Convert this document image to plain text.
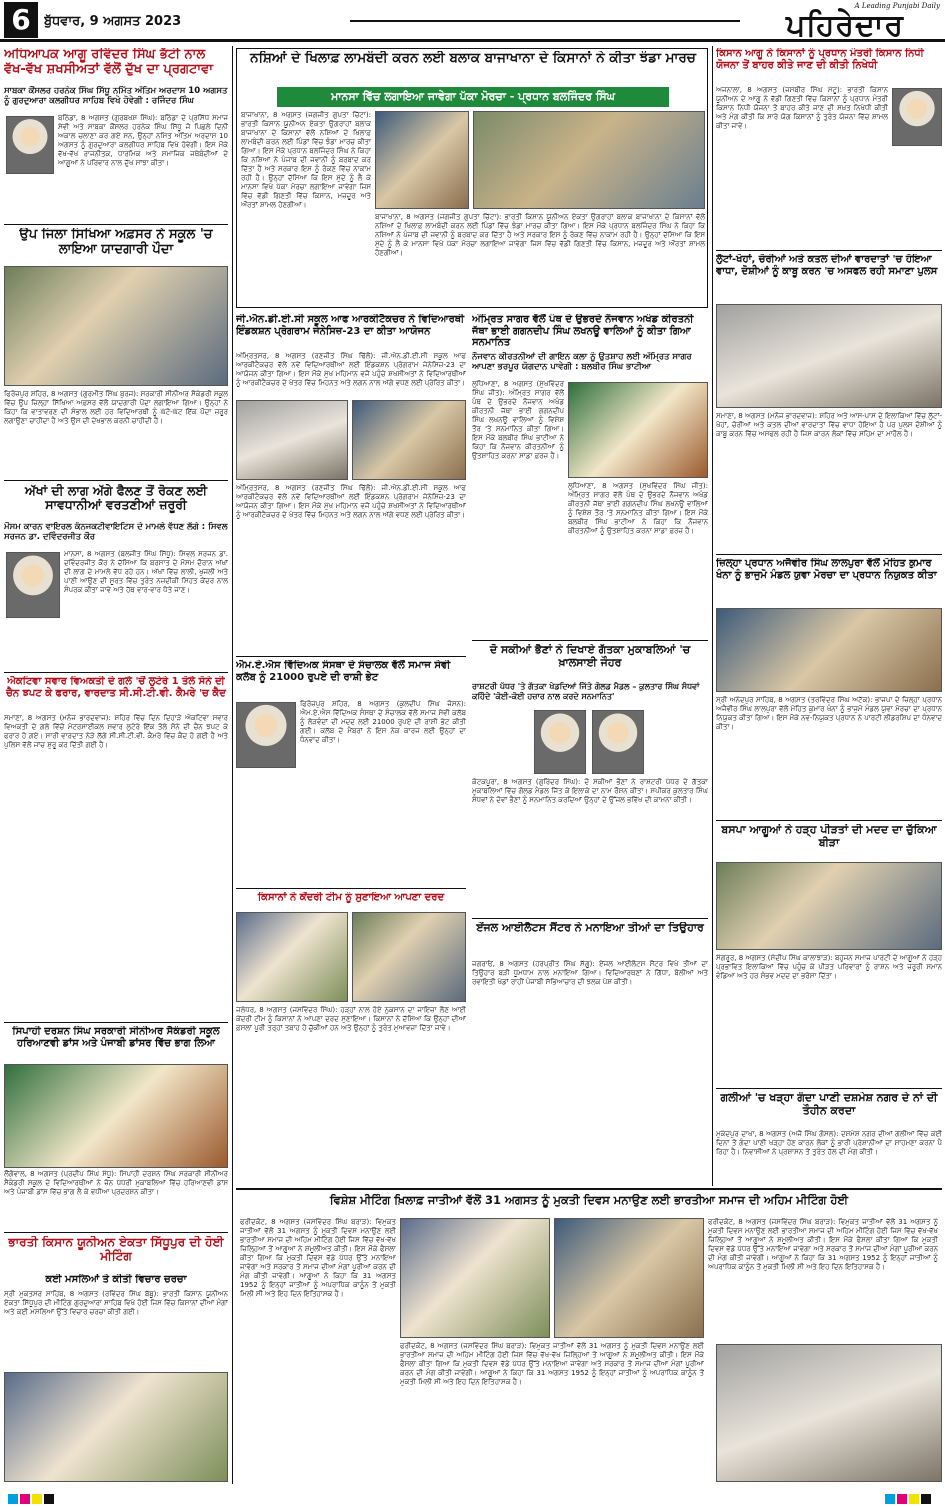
6	ਬੁੱਧਵਾਰ, 9 ਅਗਸਤ 2023	ਪਹਿਰੇਦਾਰ
A Leading Punjabi Daily
ਅਧਿਆਪਕ ਆਗੂ ਰਵਿੰਦਰ ਸਿੰਘ ਭੱਟੀ ਨਾਲ ਵੱਖ-ਵੱਖ ਸ਼ਖਸੀਅਤਾਂ ਵੱਲੋਂ ਦੁੱਖ ਦਾ ਪ੍ਰਗਟਾਵਾ
ਸਾਬਕਾ ਕੌਂਸਲਰ ਹਰਨੇਕ ਸਿੰਘ ਸਿੱਧੂ ਨਮਿੱਤ ਅੰਤਿਮ ਅਰਦਾਸ 10 ਅਗਸਤ ਨੂੰ ਗੁਰਦੁਆਰਾ ਕਲਗੀਧਰ ਸਾਹਿਬ ਵਿਖੇ ਹੋਵੇਗੀ : ਰਜਿੰਦਰ ਸਿੰਘ
ਬਠਿੰਡਾ, 8 ਅਗਸਤ (ਗੁਰਬਖਸ਼ ਸਿੰਘ): ਬਠਿੰਡਾ ਦੇ ਪ੍ਰਸਿੱਧ ਸਮਾਜ ਸੇਵੀ ਅਤੇ ਸਾਬਕਾ ਕੌਂਸਲਰ ਹਰਨੇਕ ਸਿੰਘ ਸਿੱਧੂ ਜੋ ਪਿਛਲੇ ਦਿਨੀਂ ਅਕਾਲ ਚਲਾਣਾ ਕਰ ਗਏ ਸਨ, ਉਨ੍ਹਾਂ ਨਮਿੱਤ ਅੰਤਿਮ ਅਰਦਾਸ 10 ਅਗਸਤ ਨੂੰ ਗੁਰਦੁਆਰਾ ਕਲਗੀਧਰ ਸਾਹਿਬ ਵਿਖੇ ਹੋਵੇਗੀ। ਇਸ ਮੌਕੇ ਵੱਖ-ਵੱਖ ਰਾਜਨੀਤਕ, ਧਾਰਮਿਕ ਅਤੇ ਸਮਾਜਿਕ ਜਥੇਬੰਦੀਆਂ ਦੇ ਆਗੂਆਂ ਨੇ ਪਰਿਵਾਰ ਨਾਲ ਦੁੱਖ ਸਾਂਝਾ ਕੀਤਾ।
ਉਪ ਜਿਲਾ ਸਿਖਿਆ ਅਫ਼ਸਰ ਨੇ ਸਕੂਲ 'ਚ ਲਾਇਆ ਯਾਦਗਾਰੀ ਪੌਦਾ
ਫਿਰੋਜ਼ਪੁਰ ਸ਼ਹਿਰ, 8 ਅਗਸਤ (ਗੁਰਮੀਤ ਸਿੰਘ ਬੁਰਜ): ਸਰਕਾਰੀ ਸੀਨੀਅਰ ਸੈਕੰਡਰੀ ਸਕੂਲ ਵਿੱਚ ਉਪ ਜ਼ਿਲ੍ਹਾ ਸਿੱਖਿਆ ਅਫ਼ਸਰ ਵੱਲੋਂ ਯਾਦਗਾਰੀ ਪੌਦਾ ਲਗਾਇਆ ਗਿਆ। ਉਨ੍ਹਾਂ ਨੇ ਕਿਹਾ ਕਿ ਵਾਤਾਵਰਣ ਦੀ ਸੰਭਾਲ ਲਈ ਹਰ ਵਿਦਿਆਰਥੀ ਨੂੰ ਘੱਟੋ-ਘੱਟ ਇੱਕ ਪੌਦਾ ਜ਼ਰੂਰ ਲਗਾਉਣਾ ਚਾਹੀਦਾ ਹੈ ਅਤੇ ਉਸ ਦੀ ਦੇਖਭਾਲ ਕਰਨੀ ਚਾਹੀਦੀ ਹੈ।
ਅੱਖਾਂ ਦੀ ਲਾਗ ਅੱਗੇ ਫੈਲਣ ਤੋਂ ਰੋਕਣ ਲਈ ਸਾਵਧਾਨੀਆਂ ਵਰਤਣੀਆਂ ਜ਼ਰੂਰੀ
ਮੌਸਮ ਕਾਰਨ ਵਾਇਰਲ ਕੰਨਜਕਟੀਵਾਇਟਿਸ ਦੇ ਮਾਮਲੇ ਵੱਧਣ ਲੱਗੇ : ਸਿਵਲ ਸਰਜਨ ਡਾ. ਦਵਿੰਦਰਜੀਤ ਕੌਰ
ਮਾਨਸਾ, 8 ਅਗਸਤ (ਬਲਜੀਤ ਸਿੰਘ ਸਿੱਧੂ): ਸਿਵਲ ਸਰਜਨ ਡਾ. ਦਵਿੰਦਰਜੀਤ ਕੌਰ ਨੇ ਦੱਸਿਆ ਕਿ ਬਰਸਾਤ ਦੇ ਮੌਸਮ ਦੌਰਾਨ ਅੱਖਾਂ ਦੀ ਲਾਗ ਦੇ ਮਾਮਲੇ ਵੱਧ ਰਹੇ ਹਨ। ਅੱਖਾਂ ਵਿੱਚ ਲਾਲੀ, ਖੁਜਲੀ ਅਤੇ ਪਾਣੀ ਆਉਣ ਦੀ ਸੂਰਤ ਵਿੱਚ ਤੁਰੰਤ ਨਜ਼ਦੀਕੀ ਸਿਹਤ ਕੇਂਦਰ ਨਾਲ ਸੰਪਰਕ ਕੀਤਾ ਜਾਵੇ ਅਤੇ ਹੱਥ ਵਾਰ-ਵਾਰ ਧੋਤੇ ਜਾਣ।
ਐਕਟਿਵਾ ਸਵਾਰ ਵਿਅਕਤੀ ਦੇ ਗਲੇ 'ਚੋਂ ਲੁਟੇਰੇ 1 ਤੋਲੇ ਸੋਨੇ ਦੀ ਚੈਨ ਝਪਟ ਕੇ ਫਰਾਰ, ਵਾਰਦਾਤ ਸੀ.ਸੀ.ਟੀ.ਵੀ. ਕੈਮਰੇ 'ਚ ਕੈਦ
ਸਮਾਣਾ, 8 ਅਗਸਤ (ਮਨੋਜ ਭਾਰਦਵਾਜ): ਸ਼ਹਿਰ ਵਿੱਚ ਦਿਨ ਦਿਹਾੜੇ ਐਕਟਿਵਾ ਸਵਾਰ ਵਿਅਕਤੀ ਦੇ ਗਲੇ ਵਿੱਚੋਂ ਮੋਟਰਸਾਈਕਲ ਸਵਾਰ ਲੁਟੇਰੇ ਇੱਕ ਤੋਲੇ ਸੋਨੇ ਦੀ ਚੈਨ ਝਪਟ ਕੇ ਫਰਾਰ ਹੋ ਗਏ। ਸਾਰੀ ਵਾਰਦਾਤ ਨੇੜੇ ਲੱਗੇ ਸੀ.ਸੀ.ਟੀ.ਵੀ. ਕੈਮਰੇ ਵਿੱਚ ਕੈਦ ਹੋ ਗਈ ਹੈ ਅਤੇ ਪੁਲਿਸ ਵੱਲੋਂ ਜਾਂਚ ਸ਼ੁਰੂ ਕਰ ਦਿੱਤੀ ਗਈ ਹੈ।
ਸਿਪਾਹੀ ਦਰਸ਼ਨ ਸਿੰਘ ਸਰਕਾਰੀ ਸੀਨੀਅਰ ਸੈਕੰਡਰੀ ਸਕੂਲ ਹਰਿਆਣਵੀ ਡਾਂਸ ਅਤੇ ਪੰਜਾਬੀ ਡਾਂਸਰ ਵਿੱਚ ਭਾਗ ਲਿਆ
ਲੌਂਗੋਵਾਲ, 8 ਅਗਸਤ (ਪ੍ਰਦੀਪ ਸਿੰਘ ਸੰਧੂ): ਸਿਪਾਹੀ ਦਰਸ਼ਨ ਸਿੰਘ ਸਰਕਾਰੀ ਸੀਨੀਅਰ ਸੈਕੰਡਰੀ ਸਕੂਲ ਦੇ ਵਿਦਿਆਰਥੀਆਂ ਨੇ ਜ਼ੋਨ ਪੱਧਰੀ ਮੁਕਾਬਲਿਆਂ ਵਿੱਚ ਹਰਿਆਣਵੀ ਡਾਂਸ ਅਤੇ ਪੰਜਾਬੀ ਡਾਂਸ ਵਿੱਚ ਭਾਗ ਲੈ ਕੇ ਵਧੀਆ ਪ੍ਰਦਰਸ਼ਨ ਕੀਤਾ।
ਭਾਰਤੀ ਕਿਸਾਨ ਯੂਨੀਅਨ ਏਕਤਾ ਸਿੱਧੂਪੁਰ ਦੀ ਹੋਈ ਮੀਟਿੰਗ
ਕਈ ਮਸਲਿਆਂ ਤੇ ਕੀਤੀ ਵਿਚਾਰ ਚਰਚਾ
ਸ੍ਰੀ ਮੁਕਤਸਰ ਸਾਹਿਬ, 8 ਅਗਸਤ (ਰਵਿੰਦਰ ਸਿੰਘ ਬੱਬੂ): ਭਾਰਤੀ ਕਿਸਾਨ ਯੂਨੀਅਨ ਏਕਤਾ ਸਿੱਧੂਪੁਰ ਦੀ ਮੀਟਿੰਗ ਗੁਰਦੁਆਰਾ ਸਾਹਿਬ ਵਿਖੇ ਹੋਈ ਜਿਸ ਵਿੱਚ ਕਿਸਾਨਾਂ ਦੀਆਂ ਮੰਗਾਂ ਅਤੇ ਕਈ ਮਸਲਿਆਂ ਉੱਤੇ ਵਿਚਾਰ ਚਰਚਾ ਕੀਤੀ ਗਈ।
ਨਸ਼ਿਆਂ ਦੇ ਖਿਲਾਫ਼ ਲਾਮਬੰਦੀ ਕਰਨ ਲਈ ਬਲਾਕ ਬਾਜਾਖਾਨਾ ਦੇ ਕਿਸਾਨਾਂ ਨੇ ਕੀਤਾ ਝੰਡਾ ਮਾਰਚ
ਮਾਨਸਾ ਵਿੱਚ ਲਗਾਇਆ ਜਾਵੇਗਾ ਪੱਕਾ ਮੋਰਚਾ - ਪ੍ਰਧਾਨ ਬਲਜਿੰਦਰ ਸਿੰਘ
ਬਾਜਾਖਾਨਾ, 8 ਅਗਸਤ (ਜਗਜੀਤ ਗੁਪਤਾ ਚਿੱਟਾ): ਭਾਰਤੀ ਕਿਸਾਨ ਯੂਨੀਅਨ ਏਕਤਾ ਉਗਰਾਹਾਂ ਬਲਾਕ ਬਾਜਾਖਾਨਾ ਦੇ ਕਿਸਾਨਾਂ ਵੱਲੋਂ ਨਸ਼ਿਆਂ ਦੇ ਖਿਲਾਫ਼ ਲਾਮਬੰਦੀ ਕਰਨ ਲਈ ਪਿੰਡਾਂ ਵਿੱਚ ਝੰਡਾ ਮਾਰਚ ਕੀਤਾ ਗਿਆ। ਇਸ ਮੌਕੇ ਪ੍ਰਧਾਨ ਬਲਜਿੰਦਰ ਸਿੰਘ ਨੇ ਕਿਹਾ ਕਿ ਨਸ਼ਿਆਂ ਨੇ ਪੰਜਾਬ ਦੀ ਜਵਾਨੀ ਨੂੰ ਬਰਬਾਦ ਕਰ ਦਿੱਤਾ ਹੈ ਅਤੇ ਸਰਕਾਰ ਇਸ ਨੂੰ ਰੋਕਣ ਵਿੱਚ ਨਾਕਾਮ ਰਹੀ ਹੈ। ਉਨ੍ਹਾਂ ਦੱਸਿਆ ਕਿ ਇਸ ਮੁੱਦੇ ਨੂੰ ਲੈ ਕੇ ਮਾਨਸਾ ਵਿਖੇ ਪੱਕਾ ਮੋਰਚਾ ਲਗਾਇਆ ਜਾਵੇਗਾ ਜਿਸ ਵਿੱਚ ਵੱਡੀ ਗਿਣਤੀ ਵਿੱਚ ਕਿਸਾਨ, ਮਜ਼ਦੂਰ ਅਤੇ ਔਰਤਾਂ ਸ਼ਾਮਲ ਹੋਣਗੀਆਂ।
ਬਾਜਾਖਾਨਾ, 8 ਅਗਸਤ (ਜਗਜੀਤ ਗੁਪਤਾ ਚਿੱਟਾ): ਭਾਰਤੀ ਕਿਸਾਨ ਯੂਨੀਅਨ ਏਕਤਾ ਉਗਰਾਹਾਂ ਬਲਾਕ ਬਾਜਾਖਾਨਾ ਦੇ ਕਿਸਾਨਾਂ ਵੱਲੋਂ ਨਸ਼ਿਆਂ ਦੇ ਖਿਲਾਫ਼ ਲਾਮਬੰਦੀ ਕਰਨ ਲਈ ਪਿੰਡਾਂ ਵਿੱਚ ਝੰਡਾ ਮਾਰਚ ਕੀਤਾ ਗਿਆ। ਇਸ ਮੌਕੇ ਪ੍ਰਧਾਨ ਬਲਜਿੰਦਰ ਸਿੰਘ ਨੇ ਕਿਹਾ ਕਿ ਨਸ਼ਿਆਂ ਨੇ ਪੰਜਾਬ ਦੀ ਜਵਾਨੀ ਨੂੰ ਬਰਬਾਦ ਕਰ ਦਿੱਤਾ ਹੈ ਅਤੇ ਸਰਕਾਰ ਇਸ ਨੂੰ ਰੋਕਣ ਵਿੱਚ ਨਾਕਾਮ ਰਹੀ ਹੈ। ਉਨ੍ਹਾਂ ਦੱਸਿਆ ਕਿ ਇਸ ਮੁੱਦੇ ਨੂੰ ਲੈ ਕੇ ਮਾਨਸਾ ਵਿਖੇ ਪੱਕਾ ਮੋਰਚਾ ਲਗਾਇਆ ਜਾਵੇਗਾ ਜਿਸ ਵਿੱਚ ਵੱਡੀ ਗਿਣਤੀ ਵਿੱਚ ਕਿਸਾਨ, ਮਜ਼ਦੂਰ ਅਤੇ ਔਰਤਾਂ ਸ਼ਾਮਲ ਹੋਣਗੀਆਂ।
ਜੀ.ਐਨ.ਡੀ.ਈ.ਸੀ ਸਕੂਲ ਆਫ ਆਰਕੀਟੈਕਚਰ ਨੇ ਵਿਦਿਆਰਥੀ ਇੰਡਕਸ਼ਨ ਪ੍ਰੋਗਰਾਮ ਜੇਨੇਸਿਜ਼-23 ਦਾ ਕੀਤਾ ਆਯੋਜਨ
ਅੰਮ੍ਰਿਤਸਰ, 8 ਅਗਸਤ (ਰਣਜੀਤ ਸਿੰਘ ਢਿੱਲੋਂ): ਜੀ.ਐਨ.ਡੀ.ਈ.ਸੀ ਸਕੂਲ ਆਫ ਆਰਕੀਟੈਕਚਰ ਵੱਲੋਂ ਨਵੇਂ ਵਿਦਿਆਰਥੀਆਂ ਲਈ ਇੰਡਕਸ਼ਨ ਪ੍ਰੋਗਰਾਮ ਜੇਨੇਸਿਜ਼-23 ਦਾ ਆਯੋਜਨ ਕੀਤਾ ਗਿਆ। ਇਸ ਮੌਕੇ ਮੁੱਖ ਮਹਿਮਾਨ ਵਜੋਂ ਪਹੁੰਚੇ ਸ਼ਖਸੀਅਤਾਂ ਨੇ ਵਿਦਿਆਰਥੀਆਂ ਨੂੰ ਆਰਕੀਟੈਕਚਰ ਦੇ ਖੇਤਰ ਵਿੱਚ ਮਿਹਨਤ ਅਤੇ ਲਗਨ ਨਾਲ ਅੱਗੇ ਵਧਣ ਲਈ ਪ੍ਰੇਰਿਤ ਕੀਤਾ।
ਅੰਮ੍ਰਿਤਸਰ, 8 ਅਗਸਤ (ਰਣਜੀਤ ਸਿੰਘ ਢਿੱਲੋਂ): ਜੀ.ਐਨ.ਡੀ.ਈ.ਸੀ ਸਕੂਲ ਆਫ ਆਰਕੀਟੈਕਚਰ ਵੱਲੋਂ ਨਵੇਂ ਵਿਦਿਆਰਥੀਆਂ ਲਈ ਇੰਡਕਸ਼ਨ ਪ੍ਰੋਗਰਾਮ ਜੇਨੇਸਿਜ਼-23 ਦਾ ਆਯੋਜਨ ਕੀਤਾ ਗਿਆ। ਇਸ ਮੌਕੇ ਮੁੱਖ ਮਹਿਮਾਨ ਵਜੋਂ ਪਹੁੰਚੇ ਸ਼ਖਸੀਅਤਾਂ ਨੇ ਵਿਦਿਆਰਥੀਆਂ ਨੂੰ ਆਰਕੀਟੈਕਚਰ ਦੇ ਖੇਤਰ ਵਿੱਚ ਮਿਹਨਤ ਅਤੇ ਲਗਨ ਨਾਲ ਅੱਗੇ ਵਧਣ ਲਈ ਪ੍ਰੇਰਿਤ ਕੀਤਾ।
ਐਮ.ਏ.ਐਸ ਵਿੱਦਿਅਕ ਸੰਸਥਾ ਦੇ ਸੰਚਾਲਕ ਵੱਲੋਂ ਸਮਾਜ ਸੇਵੀ ਕਲੱਬ ਨੂੰ 21000 ਰੁਪਏ ਦੀ ਰਾਸ਼ੀ ਭੇਟ
ਫਿਰੋਜ਼ਪੁਰ ਸ਼ਹਿਰ, 8 ਅਗਸਤ (ਕੁਲਦੀਪ ਸਿੰਘ ਜੋਸਨ): ਐਮ.ਏ.ਐਸ ਵਿੱਦਿਅਕ ਸੰਸਥਾ ਦੇ ਸੰਚਾਲਕ ਵੱਲੋਂ ਸਮਾਜ ਸੇਵੀ ਕਲੱਬ ਨੂੰ ਲੋੜਵੰਦਾਂ ਦੀ ਮਦਦ ਲਈ 21000 ਰੁਪਏ ਦੀ ਰਾਸ਼ੀ ਭੇਟ ਕੀਤੀ ਗਈ। ਕਲੱਬ ਦੇ ਮੈਂਬਰਾਂ ਨੇ ਇਸ ਨੇਕ ਕਾਰਜ ਲਈ ਉਨ੍ਹਾਂ ਦਾ ਧੰਨਵਾਦ ਕੀਤਾ।
ਕਿਸਾਨਾਂ ਨੇ ਕੇਂਦਰੀ ਟੀਮ ਨੂੰ ਸੁਣਾਇਆ ਆਪਣਾ ਦਰਦ
ਜਲੰਧਰ, 8 ਅਗਸਤ (ਜਸਵਿੰਦਰ ਸਿੰਘ): ਹੜ੍ਹਾਂ ਨਾਲ ਹੋਏ ਨੁਕਸਾਨ ਦਾ ਜਾਇਜ਼ਾ ਲੈਣ ਆਈ ਕੇਂਦਰੀ ਟੀਮ ਨੂੰ ਕਿਸਾਨਾਂ ਨੇ ਆਪਣਾ ਦਰਦ ਸੁਣਾਇਆ। ਕਿਸਾਨਾਂ ਨੇ ਦੱਸਿਆ ਕਿ ਉਨ੍ਹਾਂ ਦੀਆਂ ਫ਼ਸਲਾਂ ਪੂਰੀ ਤਰ੍ਹਾਂ ਤਬਾਹ ਹੋ ਚੁੱਕੀਆਂ ਹਨ ਅਤੇ ਉਨ੍ਹਾਂ ਨੂੰ ਤੁਰੰਤ ਮੁਆਵਜ਼ਾ ਦਿੱਤਾ ਜਾਵੇ।
ਅੰਮ੍ਰਿਤ ਸਾਗਰ ਵੱਲੋਂ ਪੰਥ ਦੇ ਉਭਰਦੇ ਨੌਜਵਾਨ ਅਖੰਡ ਕੀਰਤਨੀ ਜੱਥਾ ਭਾਈ ਗਗਨਦੀਪ ਸਿੰਘ ਲਖਨਊ ਵਾਲਿਆਂ ਨੂੰ ਕੀਤਾ ਗਿਆ ਸਨਮਾਨਿਤ
ਨੌਜਵਾਨ ਕੀਰਤਨੀਆਂ ਦੀ ਗਾਇਨ ਕਲਾ ਨੂੰ ਉਤਸ਼ਾਹ ਲਈ ਅੰਮ੍ਰਿਤ ਸਾਗਰ ਆਪਣਾ ਭਰਪੂਰ ਯੋਗਦਾਨ ਪਾਵੇਗੀ : ਬਲਬੀਰ ਸਿੰਘ ਭਾਟੀਆ
ਲੁਧਿਆਣਾ, 8 ਅਗਸਤ (ਸੁਖਵਿੰਦਰ ਸਿੰਘ ਜੀਤ): ਅੰਮ੍ਰਿਤ ਸਾਗਰ ਵੱਲੋਂ ਪੰਥ ਦੇ ਉਭਰਦੇ ਨੌਜਵਾਨ ਅਖੰਡ ਕੀਰਤਨੀ ਜੱਥਾ ਭਾਈ ਗਗਨਦੀਪ ਸਿੰਘ ਲਖਨਊ ਵਾਲਿਆਂ ਨੂੰ ਵਿਸ਼ੇਸ਼ ਤੌਰ 'ਤੇ ਸਨਮਾਨਿਤ ਕੀਤਾ ਗਿਆ। ਇਸ ਮੌਕੇ ਬਲਬੀਰ ਸਿੰਘ ਭਾਟੀਆ ਨੇ ਕਿਹਾ ਕਿ ਨੌਜਵਾਨ ਕੀਰਤਨੀਆਂ ਨੂੰ ਉਤਸ਼ਾਹਿਤ ਕਰਨਾ ਸਾਡਾ ਫ਼ਰਜ਼ ਹੈ।
ਲੁਧਿਆਣਾ, 8 ਅਗਸਤ (ਸੁਖਵਿੰਦਰ ਸਿੰਘ ਜੀਤ): ਅੰਮ੍ਰਿਤ ਸਾਗਰ ਵੱਲੋਂ ਪੰਥ ਦੇ ਉਭਰਦੇ ਨੌਜਵਾਨ ਅਖੰਡ ਕੀਰਤਨੀ ਜੱਥਾ ਭਾਈ ਗਗਨਦੀਪ ਸਿੰਘ ਲਖਨਊ ਵਾਲਿਆਂ ਨੂੰ ਵਿਸ਼ੇਸ਼ ਤੌਰ 'ਤੇ ਸਨਮਾਨਿਤ ਕੀਤਾ ਗਿਆ। ਇਸ ਮੌਕੇ ਬਲਬੀਰ ਸਿੰਘ ਭਾਟੀਆ ਨੇ ਕਿਹਾ ਕਿ ਨੌਜਵਾਨ ਕੀਰਤਨੀਆਂ ਨੂੰ ਉਤਸ਼ਾਹਿਤ ਕਰਨਾ ਸਾਡਾ ਫ਼ਰਜ਼ ਹੈ।
ਦੋ ਸਕੀਆਂ ਭੈਣਾਂ ਨੇ ਦਿਖਾਏ ਗੱਤਕਾ ਮੁਕਾਬਲਿਆਂ 'ਚ ਖ਼ਾਲਸਾਈ ਜੌਹਰ
ਰਾਸ਼ਟਰੀ ਪੱਧਰ 'ਤੇ ਗੱਤਕਾ ਖੇਡਦਿਆਂ ਜਿੱਤੇ ਗੋਲਡ ਮੈਡਲ – ਕੁਲਤਾਰ ਸਿੰਘ ਸੰਧਵਾਂ ਕਹਿੰਦੇ 'ਕੋਈ-ਕੋਈ ਹਜ਼ਾਰ ਨਾਲ ਕਰਦੇ ਸਨਮਾਨਿਤ'
ਕੋਟਕਪੂਰਾ, 8 ਅਗਸਤ (ਗੁਰਿੰਦਰ ਸਿੰਘ): ਦੋ ਸਕੀਆਂ ਭੈਣਾਂ ਨੇ ਰਾਸ਼ਟਰੀ ਪੱਧਰ ਦੇ ਗੱਤਕਾ ਮੁਕਾਬਲਿਆਂ ਵਿੱਚ ਗੋਲਡ ਮੈਡਲ ਜਿੱਤ ਕੇ ਇਲਾਕੇ ਦਾ ਨਾਮ ਰੌਸ਼ਨ ਕੀਤਾ। ਸਪੀਕਰ ਕੁਲਤਾਰ ਸਿੰਘ ਸੰਧਵਾਂ ਨੇ ਦੋਵਾਂ ਭੈਣਾਂ ਨੂੰ ਸਨਮਾਨਿਤ ਕਰਦਿਆਂ ਉਨ੍ਹਾਂ ਦੇ ਉੱਜਲ ਭਵਿੱਖ ਦੀ ਕਾਮਨਾ ਕੀਤੀ।
ਏਂਜਲ ਆਈਲੈਟਸ ਸੈਂਟਰ ਨੇ ਮਨਾਇਆ ਤੀਆਂ ਦਾ ਤਿਉਹਾਰ
ਜਗਰਾਓਂ, 8 ਅਗਸਤ (ਹਰਪ੍ਰੀਤ ਸਿੰਘ ਸੱਗੂ): ਏਂਜਲ ਆਈਲੈਟਸ ਸੈਂਟਰ ਵਿਖੇ ਤੀਆਂ ਦਾ ਤਿਉਹਾਰ ਬੜੀ ਧੂਮਧਾਮ ਨਾਲ ਮਨਾਇਆ ਗਿਆ। ਵਿਦਿਆਰਥਣਾਂ ਨੇ ਗਿੱਧਾ, ਬੋਲੀਆਂ ਅਤੇ ਰਵਾਇਤੀ ਖੇਡਾਂ ਰਾਹੀਂ ਪੰਜਾਬੀ ਸੱਭਿਆਚਾਰ ਦੀ ਝਲਕ ਪੇਸ਼ ਕੀਤੀ।
ਕਿਸਾਨ ਆਗੂ ਨੇ ਕਿਸਾਨਾਂ ਨੂੰ ਪ੍ਰਧਾਨ ਮੰਤਰੀ ਕਿਸਾਨ ਨਿਧੀ ਯੋਜਨਾ ਤੋਂ ਬਾਹਰ ਕੀਤੇ ਜਾਣ ਦੀ ਕੀਤੀ ਨਿਖੇਧੀ
ਅਜਨਾਲਾ, 8 ਅਗਸਤ (ਜਸਬੀਰ ਸਿੰਘ ਮੱਟੂ): ਭਾਰਤੀ ਕਿਸਾਨ ਯੂਨੀਅਨ ਦੇ ਆਗੂ ਨੇ ਵੱਡੀ ਗਿਣਤੀ ਵਿੱਚ ਕਿਸਾਨਾਂ ਨੂੰ ਪ੍ਰਧਾਨ ਮੰਤਰੀ ਕਿਸਾਨ ਨਿਧੀ ਯੋਜਨਾ ਤੋਂ ਬਾਹਰ ਕੀਤੇ ਜਾਣ ਦੀ ਸਖ਼ਤ ਨਿਖੇਧੀ ਕੀਤੀ ਅਤੇ ਮੰਗ ਕੀਤੀ ਕਿ ਸਾਰੇ ਯੋਗ ਕਿਸਾਨਾਂ ਨੂੰ ਤੁਰੰਤ ਯੋਜਨਾ ਵਿੱਚ ਸ਼ਾਮਲ ਕੀਤਾ ਜਾਵੇ।
ਲੁੱਟਾਂ-ਖੋਹਾਂ, ਚੋਰੀਆਂ ਅਤੇ ਕਤਲ ਦੀਆਂ ਵਾਰਦਾਤਾਂ 'ਚ ਹੋਇਆ ਵਾਧਾ, ਦੋਸ਼ੀਆਂ ਨੂੰ ਕਾਬੂ ਕਰਨ 'ਚ ਅਸਫਲ ਰਹੀ ਸਮਾਣਾ ਪੁਲਸ
ਸਮਾਣਾ, 8 ਅਗਸਤ (ਮਨੋਜ ਭਾਰਦਵਾਜ): ਸ਼ਹਿਰ ਅਤੇ ਆਸ-ਪਾਸ ਦੇ ਇਲਾਕਿਆਂ ਵਿੱਚ ਲੁੱਟਾਂ-ਖੋਹਾਂ, ਚੋਰੀਆਂ ਅਤੇ ਕਤਲ ਦੀਆਂ ਵਾਰਦਾਤਾਂ ਵਿੱਚ ਵਾਧਾ ਹੋਇਆ ਹੈ ਪਰ ਪੁਲਸ ਦੋਸ਼ੀਆਂ ਨੂੰ ਕਾਬੂ ਕਰਨ ਵਿੱਚ ਅਸਫਲ ਰਹੀ ਹੈ ਜਿਸ ਕਾਰਨ ਲੋਕਾਂ ਵਿੱਚ ਸਹਿਮ ਦਾ ਮਾਹੌਲ ਹੈ।
ਜ਼ਿਲ੍ਹਾ ਪ੍ਰਧਾਨ ਅਜੈਵੀਰ ਸਿੰਘ ਲਾਲਪੁਰਾ ਵੱਲੋਂ ਮੋਹਿਤ ਕੁਮਾਰ ਖੰਨਾ ਨੂੰ ਭਾਜੁਮੋ ਮੰਡਲ ਯੁਵਾ ਮੋਰਚਾ ਦਾ ਪ੍ਰਧਾਨ ਨਿਯੁਕਤ ਕੀਤਾ
ਸ੍ਰੀ ਅਨੰਦਪੁਰ ਸਾਹਿਬ, 8 ਅਗਸਤ (ਤਰਵਿੰਦਰ ਸਿੰਘ ਅਟੱਕ): ਭਾਜਪਾ ਦੇ ਜ਼ਿਲ੍ਹਾ ਪ੍ਰਧਾਨ ਅਜੈਵੀਰ ਸਿੰਘ ਲਾਲਪੁਰਾ ਵੱਲੋਂ ਮੋਹਿਤ ਕੁਮਾਰ ਖੰਨਾ ਨੂੰ ਭਾਜੁਮੋ ਮੰਡਲ ਯੁਵਾ ਮੋਰਚਾ ਦਾ ਪ੍ਰਧਾਨ ਨਿਯੁਕਤ ਕੀਤਾ ਗਿਆ। ਇਸ ਮੌਕੇ ਨਵ-ਨਿਯੁਕਤ ਪ੍ਰਧਾਨ ਨੇ ਪਾਰਟੀ ਲੀਡਰਸ਼ਿਪ ਦਾ ਧੰਨਵਾਦ ਕੀਤਾ।
ਬਸਪਾ ਆਗੂਆਂ ਨੇ ਹੜ੍ਹ ਪੀੜਤਾਂ ਦੀ ਮਦਦ ਦਾ ਚੁੱਕਿਆ ਬੀੜਾ
ਸੰਗਰੂਰ, 8 ਅਗਸਤ (ਸੰਦੀਪ ਸਿੰਘ ਕਾਲਾਝਾੜ): ਬਹੁਜਨ ਸਮਾਜ ਪਾਰਟੀ ਦੇ ਆਗੂਆਂ ਨੇ ਹੜ੍ਹ ਪ੍ਰਭਾਵਿਤ ਇਲਾਕਿਆਂ ਵਿੱਚ ਪਹੁੰਚ ਕੇ ਪੀੜਤ ਪਰਿਵਾਰਾਂ ਨੂੰ ਰਾਸ਼ਨ ਅਤੇ ਜ਼ਰੂਰੀ ਸਮਾਨ ਵੰਡਿਆ ਅਤੇ ਹਰ ਸੰਭਵ ਮਦਦ ਦਾ ਭਰੋਸਾ ਦਿੱਤਾ।
ਗਲੀਆਂ 'ਚ ਖੜ੍ਹਾ ਗੰਦਾ ਪਾਣੀ ਦਸ਼ਮੇਸ਼ ਨਗਰ ਦੇ ਨਾਂ ਦੀ ਤੌਹੀਨ ਕਰਦਾ
ਮੁਕੰਦਪੁਰ ਦਾਖਾ, 8 ਅਗਸਤ (ਅਜੈ ਸਿੰਘ ਗੋਸਲ): ਦਸ਼ਮੇਸ਼ ਨਗਰ ਦੀਆਂ ਗਲੀਆਂ ਵਿੱਚ ਕਈ ਦਿਨਾਂ ਤੋਂ ਗੰਦਾ ਪਾਣੀ ਖੜ੍ਹਾ ਹੋਣ ਕਾਰਨ ਲੋਕਾਂ ਨੂੰ ਭਾਰੀ ਪ੍ਰੇਸ਼ਾਨੀਆਂ ਦਾ ਸਾਹਮਣਾ ਕਰਨਾ ਪੈ ਰਿਹਾ ਹੈ। ਨਿਵਾਸੀਆਂ ਨੇ ਪ੍ਰਸ਼ਾਸਨ ਤੋਂ ਤੁਰੰਤ ਹੱਲ ਦੀ ਮੰਗ ਕੀਤੀ।
ਵਿਸ਼ੇਸ਼ ਮੀਟਿੰਗ ਖ਼ਿਲਾਫ਼ ਜਾਤੀਆਂ ਵੱਲੋਂ 31 ਅਗਸਤ ਨੂੰ ਮੁਕਤੀ ਦਿਵਸ ਮਨਾਉਣ ਲਈ ਭਾਰਤੀਆ ਸਮਾਜ ਦੀ ਅਹਿਮ ਮੀਟਿੰਗ ਹੋਈ
ਫਰੀਦਕੋਟ, 8 ਅਗਸਤ (ਜਸਵਿੰਦਰ ਸਿੰਘ ਬਰਾੜ): ਵਿਮੁਕਤ ਜਾਤੀਆਂ ਵੱਲੋਂ 31 ਅਗਸਤ ਨੂੰ ਮੁਕਤੀ ਦਿਵਸ ਮਨਾਉਣ ਲਈ ਭਾਰਤੀਆ ਸਮਾਜ ਦੀ ਅਹਿਮ ਮੀਟਿੰਗ ਹੋਈ ਜਿਸ ਵਿੱਚ ਵੱਖ-ਵੱਖ ਜ਼ਿਲ੍ਹਿਆਂ ਤੋਂ ਆਗੂਆਂ ਨੇ ਸ਼ਮੂਲੀਅਤ ਕੀਤੀ। ਇਸ ਮੌਕੇ ਫੈਸਲਾ ਕੀਤਾ ਗਿਆ ਕਿ ਮੁਕਤੀ ਦਿਵਸ ਵੱਡੇ ਪੱਧਰ ਉੱਤੇ ਮਨਾਇਆ ਜਾਵੇਗਾ ਅਤੇ ਸਰਕਾਰ ਤੋਂ ਸਮਾਜ ਦੀਆਂ ਮੰਗਾਂ ਪੂਰੀਆਂ ਕਰਨ ਦੀ ਮੰਗ ਕੀਤੀ ਜਾਵੇਗੀ। ਆਗੂਆਂ ਨੇ ਕਿਹਾ ਕਿ 31 ਅਗਸਤ 1952 ਨੂੰ ਇਨ੍ਹਾਂ ਜਾਤੀਆਂ ਨੂੰ ਅਪਰਾਧਿਕ ਕਾਨੂੰਨ ਤੋਂ ਮੁਕਤੀ ਮਿਲੀ ਸੀ ਅਤੇ ਇਹ ਦਿਨ ਇਤਿਹਾਸਕ ਹੈ।
ਫਰੀਦਕੋਟ, 8 ਅਗਸਤ (ਜਸਵਿੰਦਰ ਸਿੰਘ ਬਰਾੜ): ਵਿਮੁਕਤ ਜਾਤੀਆਂ ਵੱਲੋਂ 31 ਅਗਸਤ ਨੂੰ ਮੁਕਤੀ ਦਿਵਸ ਮਨਾਉਣ ਲਈ ਭਾਰਤੀਆ ਸਮਾਜ ਦੀ ਅਹਿਮ ਮੀਟਿੰਗ ਹੋਈ ਜਿਸ ਵਿੱਚ ਵੱਖ-ਵੱਖ ਜ਼ਿਲ੍ਹਿਆਂ ਤੋਂ ਆਗੂਆਂ ਨੇ ਸ਼ਮੂਲੀਅਤ ਕੀਤੀ। ਇਸ ਮੌਕੇ ਫੈਸਲਾ ਕੀਤਾ ਗਿਆ ਕਿ ਮੁਕਤੀ ਦਿਵਸ ਵੱਡੇ ਪੱਧਰ ਉੱਤੇ ਮਨਾਇਆ ਜਾਵੇਗਾ ਅਤੇ ਸਰਕਾਰ ਤੋਂ ਸਮਾਜ ਦੀਆਂ ਮੰਗਾਂ ਪੂਰੀਆਂ ਕਰਨ ਦੀ ਮੰਗ ਕੀਤੀ ਜਾਵੇਗੀ। ਆਗੂਆਂ ਨੇ ਕਿਹਾ ਕਿ 31 ਅਗਸਤ 1952 ਨੂੰ ਇਨ੍ਹਾਂ ਜਾਤੀਆਂ ਨੂੰ ਅਪਰਾਧਿਕ ਕਾਨੂੰਨ ਤੋਂ ਮੁਕਤੀ ਮਿਲੀ ਸੀ ਅਤੇ ਇਹ ਦਿਨ ਇਤਿਹਾਸਕ ਹੈ।
ਫਰੀਦਕੋਟ, 8 ਅਗਸਤ (ਜਸਵਿੰਦਰ ਸਿੰਘ ਬਰਾੜ): ਵਿਮੁਕਤ ਜਾਤੀਆਂ ਵੱਲੋਂ 31 ਅਗਸਤ ਨੂੰ ਮੁਕਤੀ ਦਿਵਸ ਮਨਾਉਣ ਲਈ ਭਾਰਤੀਆ ਸਮਾਜ ਦੀ ਅਹਿਮ ਮੀਟਿੰਗ ਹੋਈ ਜਿਸ ਵਿੱਚ ਵੱਖ-ਵੱਖ ਜ਼ਿਲ੍ਹਿਆਂ ਤੋਂ ਆਗੂਆਂ ਨੇ ਸ਼ਮੂਲੀਅਤ ਕੀਤੀ। ਇਸ ਮੌਕੇ ਫੈਸਲਾ ਕੀਤਾ ਗਿਆ ਕਿ ਮੁਕਤੀ ਦਿਵਸ ਵੱਡੇ ਪੱਧਰ ਉੱਤੇ ਮਨਾਇਆ ਜਾਵੇਗਾ ਅਤੇ ਸਰਕਾਰ ਤੋਂ ਸਮਾਜ ਦੀਆਂ ਮੰਗਾਂ ਪੂਰੀਆਂ ਕਰਨ ਦੀ ਮੰਗ ਕੀਤੀ ਜਾਵੇਗੀ। ਆਗੂਆਂ ਨੇ ਕਿਹਾ ਕਿ 31 ਅਗਸਤ 1952 ਨੂੰ ਇਨ੍ਹਾਂ ਜਾਤੀਆਂ ਨੂੰ ਅਪਰਾਧਿਕ ਕਾਨੂੰਨ ਤੋਂ ਮੁਕਤੀ ਮਿਲੀ ਸੀ ਅਤੇ ਇਹ ਦਿਨ ਇਤਿਹਾਸਕ ਹੈ।
